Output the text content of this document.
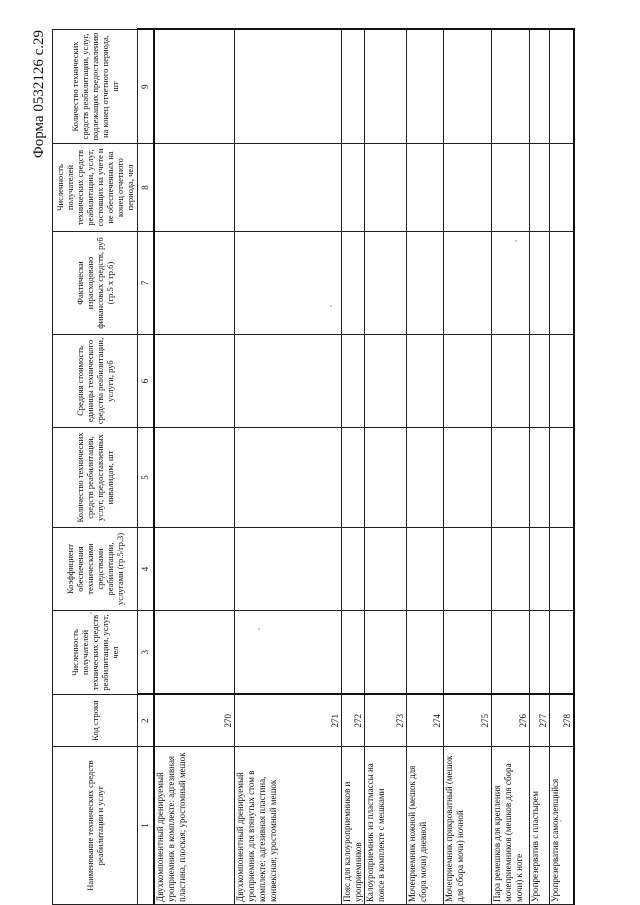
Форма 0532126 с.29
Наименование технических средств реабилитации и услуг	Код строки	Численность получателей технических средств реабилитации, услуг, чел	Коэффициент обеспечения техническими средствами реабилитации, услугами (гр.5/гр.3)	Количество технических средств реабилитации, услуг, предоставленных инвалидам, шт	Средняя стоимость единицы технического средства реабилитации, услуги, руб	Фактически израсходовано финансовых средств, руб (гр.5 x гр.6)	Численность получателей технических средств реабилитации, услуг, состоящих на учете и не обеспеченных на конец отчетного периода, чел	Количество технических средств реабилитации, услуг, подлежащих предоставлению на конец отчетного периода, шт
1	2	3	4	5	6	7	8	9
Двухкомпонентный дренируемый уроприемник в комплекте: адгезивная пластина, плоская; уростомный мешок	270							
Двухкомпонентный дренируемый уроприемник для втянутых стом в комплекте: адгезивная пластина, конвексная; уростомный мешок	271							
Пояс для калоуроприемников и уроприемников	272							
Калоуроприемник из пластмассы на поясе в комплекте с мешками	273							
Мочеприемник ножной (мешок для сбора мочи) дневной	274							
Мочеприемник прикроватный (мешок для сбора мочи) ночной	275							
Пара ремешков для крепления мочеприемников (мешков для сбора мочи) к ноге	276							
Уропрезерватив с пластырем	277							
Уропрезерватив самоклеящийся	278							
